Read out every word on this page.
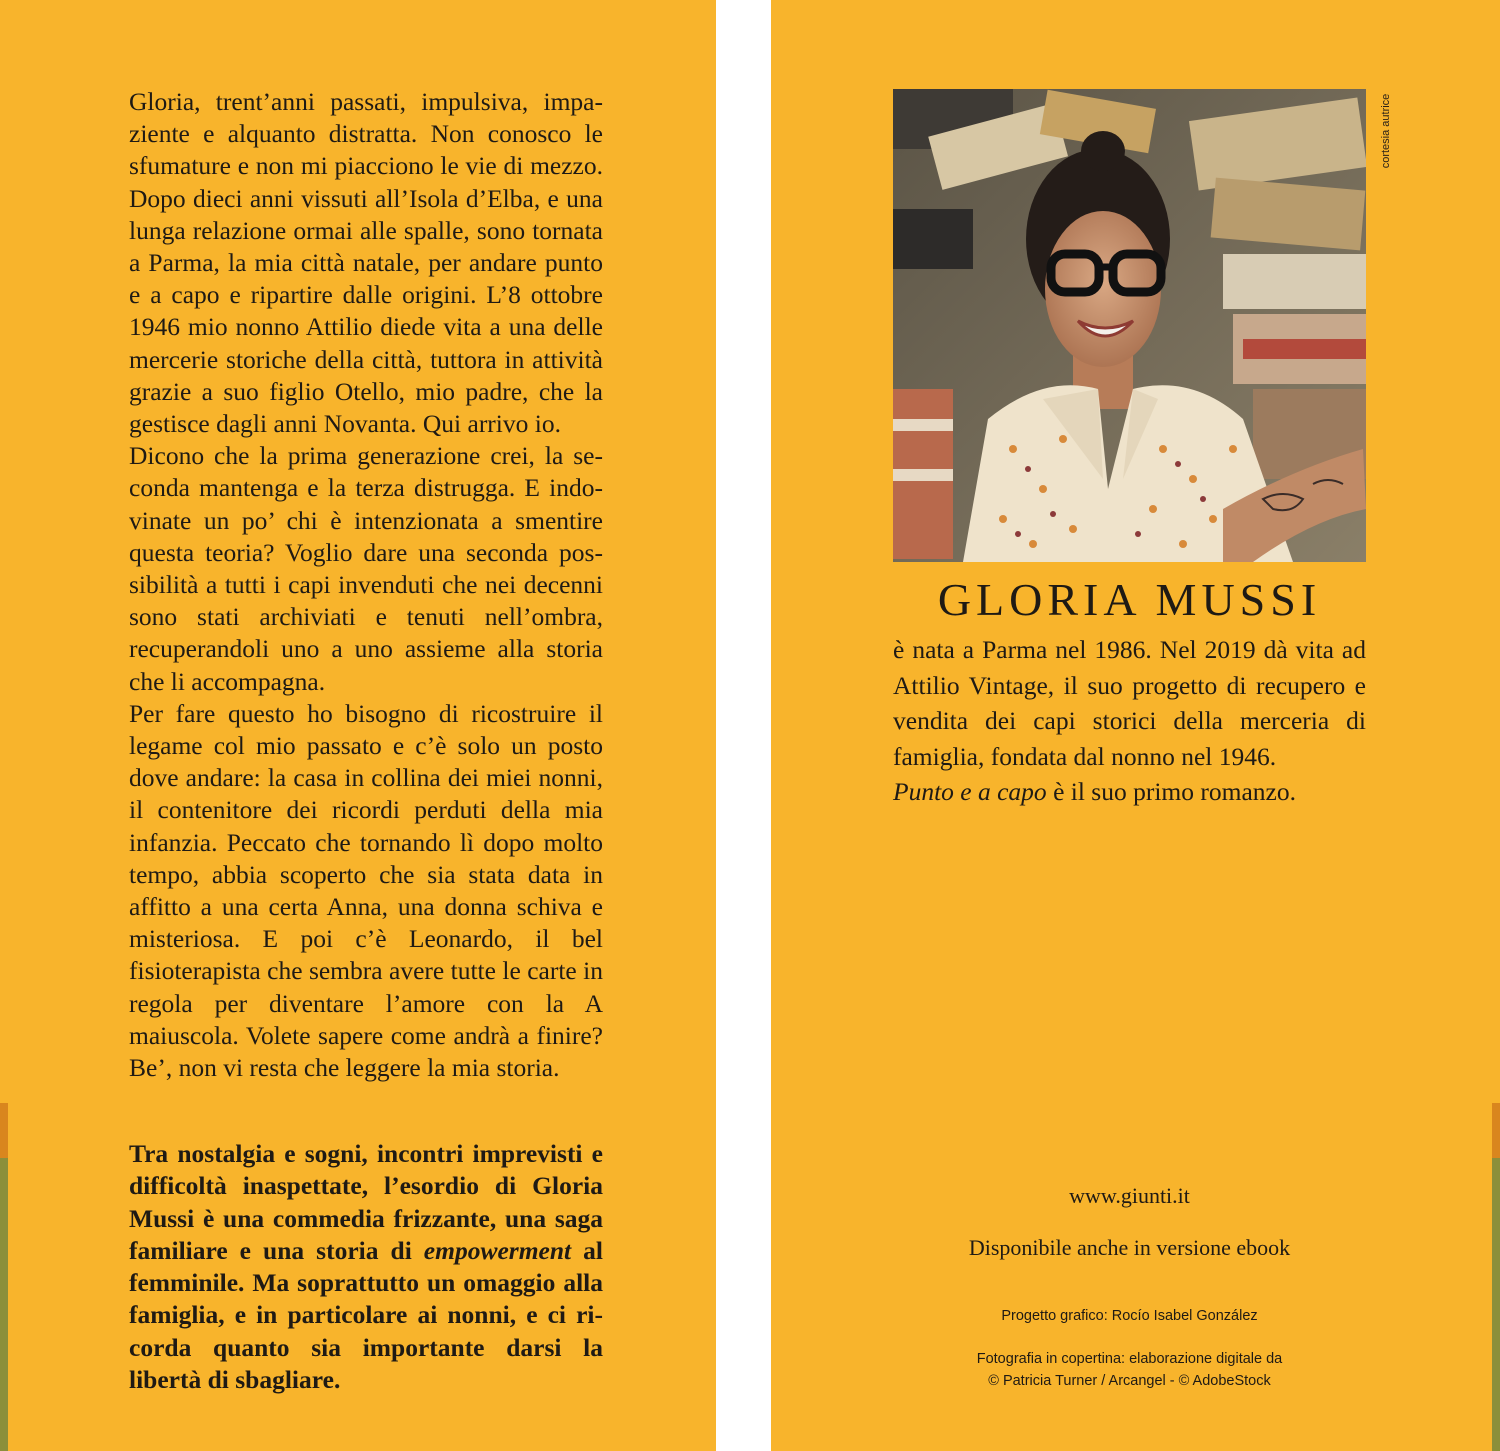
Gloria, trent’anni passati, impulsiva, impaziente e alquanto distratta. Non conosco le sfumature e non mi piacciono le vie di mezzo. Dopo dieci anni vissuti all’Isola d’Elba, e una lunga relazione ormai alle spalle, sono tornata a Parma, la mia città natale, per andare punto e a capo e ripartire dalle origini. L’8 ottobre 1946 mio nonno Attilio diede vita a una delle mercerie storiche della città, tuttora in attività grazie a suo figlio Otello, mio padre, che la gestisce dagli anni Novanta. Qui arrivo io.

Dicono che la prima generazione crei, la seconda mantenga e la terza distrugga. E indovinate un po’ chi è intenzionata a smentire questa teoria? Voglio dare una seconda possibilità a tutti i capi invenduti che nei decenni sono stati archiviati e tenuti nell’ombra, recuperandoli uno a uno assieme alla storia che li accompagna.

Per fare questo ho bisogno di ricostruire il legame col mio passato e c’è solo un posto dove andare: la casa in collina dei miei nonni, il contenitore dei ricordi perduti della mia infanzia. Peccato che tornando lì dopo molto tempo, abbia scoperto che sia stata data in affitto a una certa Anna, una donna schiva e misteriosa. E poi c’è Leonardo, il bel fisioterapista che sembra avere tutte le carte in regola per diventare l’amore con la A maiuscola. Volete sapere come andrà a finire? Be’, non vi resta che leggere la mia storia.

Tra nostalgia e sogni, incontri imprevisti e difficoltà inaspettate, l’esordio di Gloria Mussi è una commedia frizzante, una saga familiare e una storia di empowerment al femminile. Ma soprattutto un omaggio alla famiglia, e in particolare ai nonni, e ci ricorda quanto sia importante darsi la libertà di sbagliare.

cortesia autrice
GLORIA MUSSI

è nata a Parma nel 1986. Nel 2019 dà vita ad Attilio Vintage, il suo progetto di recupero e vendita dei capi storici della merceria di famiglia, fondata dal nonno nel 1946.
Punto e a capo è il suo primo romanzo.

www.giunti.it
Disponibile anche in versione ebook
Progetto grafico: Rocío Isabel González
Fotografia in copertina: elaborazione digitale da
© Patricia Turner / Arcangel - © AdobeStock
